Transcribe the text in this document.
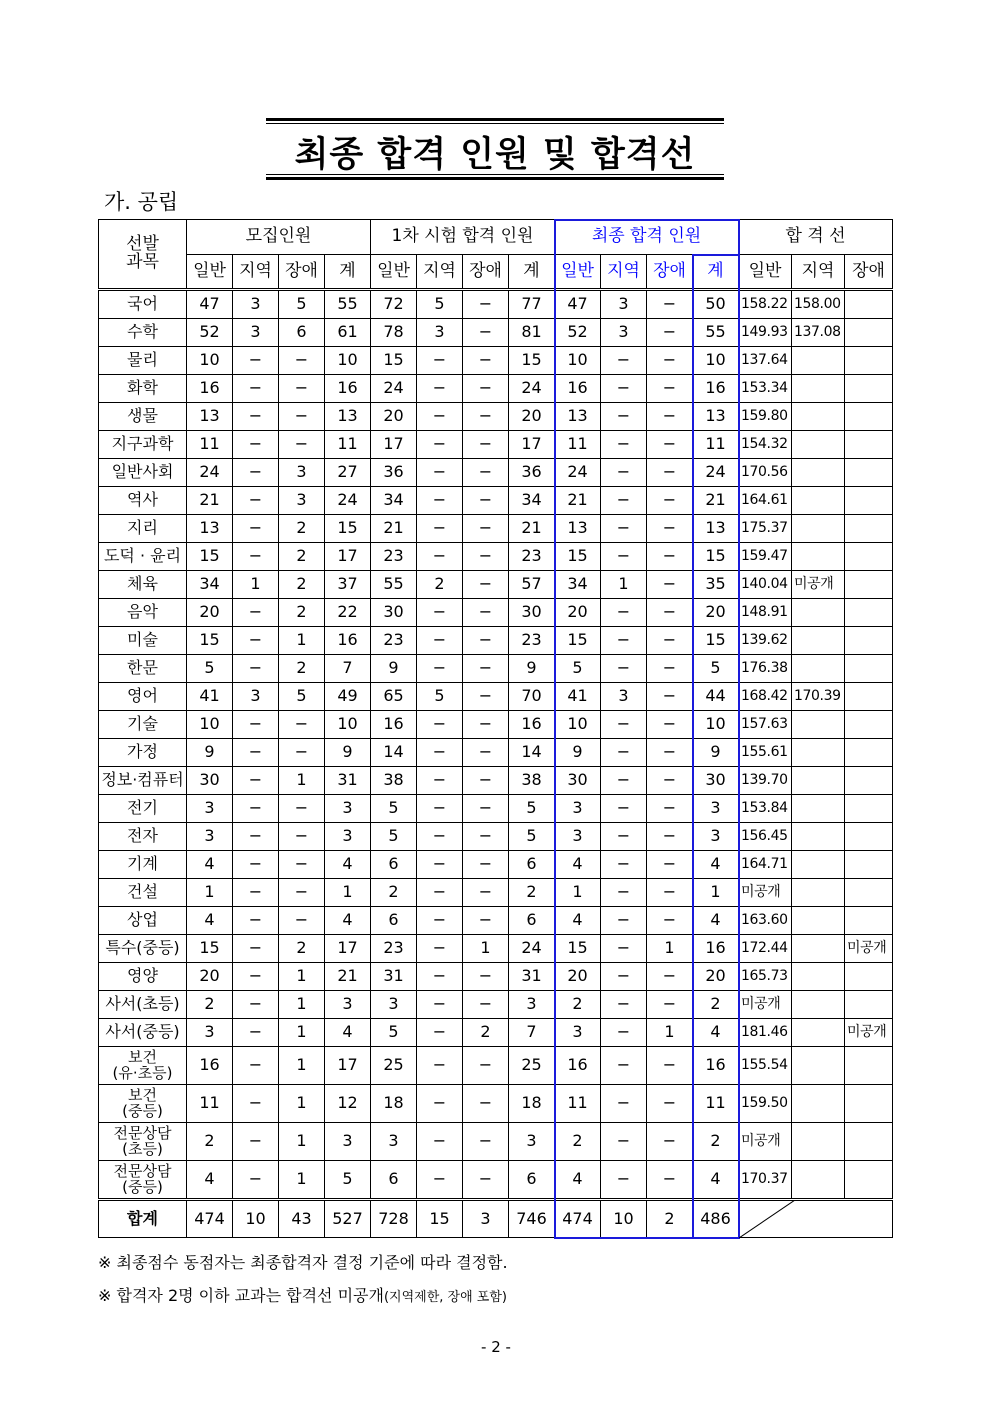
최종 합격 인원 및 합격선
가. 공립
선발
과목	모집인원				1차 시험 합격 인원				최종 합격 인원				합 격 선		
	일반	지역	장애	계	일반	지역	장애	계	일반	지역	장애	계	일반	지역	장애
국어	47	3	5	55	72	5	−	77	47	3	−	50	158.22	158.00	
수학	52	3	6	61	78	3	−	81	52	3	−	55	149.93	137.08	
물리	10	−	−	10	15	−	−	15	10	−	−	10	137.64		
화학	16	−	−	16	24	−	−	24	16	−	−	16	153.34		
생물	13	−	−	13	20	−	−	20	13	−	−	13	159.80		
지구과학	11	−	−	11	17	−	−	17	11	−	−	11	154.32		
일반사회	24	−	3	27	36	−	−	36	24	−	−	24	170.56		
역사	21	−	3	24	34	−	−	34	21	−	−	21	164.61		
지리	13	−	2	15	21	−	−	21	13	−	−	13	175.37		
도덕 · 윤리	15	−	2	17	23	−	−	23	15	−	−	15	159.47		
체육	34	1	2	37	55	2	−	57	34	1	−	35	140.04	미공개	
음악	20	−	2	22	30	−	−	30	20	−	−	20	148.91		
미술	15	−	1	16	23	−	−	23	15	−	−	15	139.62		
한문	5	−	2	7	9	−	−	9	5	−	−	5	176.38		
영어	41	3	5	49	65	5	−	70	41	3	−	44	168.42	170.39	
기술	10	−	−	10	16	−	−	16	10	−	−	10	157.63		
가정	9	−	−	9	14	−	−	14	9	−	−	9	155.61		
정보·컴퓨터	30	−	1	31	38	−	−	38	30	−	−	30	139.70		
전기	3	−	−	3	5	−	−	5	3	−	−	3	153.84		
전자	3	−	−	3	5	−	−	5	3	−	−	3	156.45		
기계	4	−	−	4	6	−	−	6	4	−	−	4	164.71		
건설	1	−	−	1	2	−	−	2	1	−	−	1	미공개		
상업	4	−	−	4	6	−	−	6	4	−	−	4	163.60		
특수(중등)	15	−	2	17	23	−	1	24	15	−	1	16	172.44		미공개
영양	20	−	1	21	31	−	−	31	20	−	−	20	165.73		
사서(초등)	2	−	1	3	3	−	−	3	2	−	−	2	미공개		
사서(중등)	3	−	1	4	5	−	2	7	3	−	1	4	181.46		미공개
보건
(유·초등)	16	−	1	17	25	−	−	25	16	−	−	16	155.54		
보건
(중등)	11	−	1	12	18	−	−	18	11	−	−	11	159.50		
전문상담
(초등)	2	−	1	3	3	−	−	3	2	−	−	2	미공개		
전문상담
(중등)	4	−	1	5	6	−	−	6	4	−	−	4	170.37		
합계	474	10	43	527	728	15	3	746	474	10	2	486			
※ 최종점수 동점자는 최종합격자 결정 기준에 따라 결정함.
※ 합격자 2명 이하 교과는 합격선 미공개(지역제한, 장애 포함)
- 2 -
